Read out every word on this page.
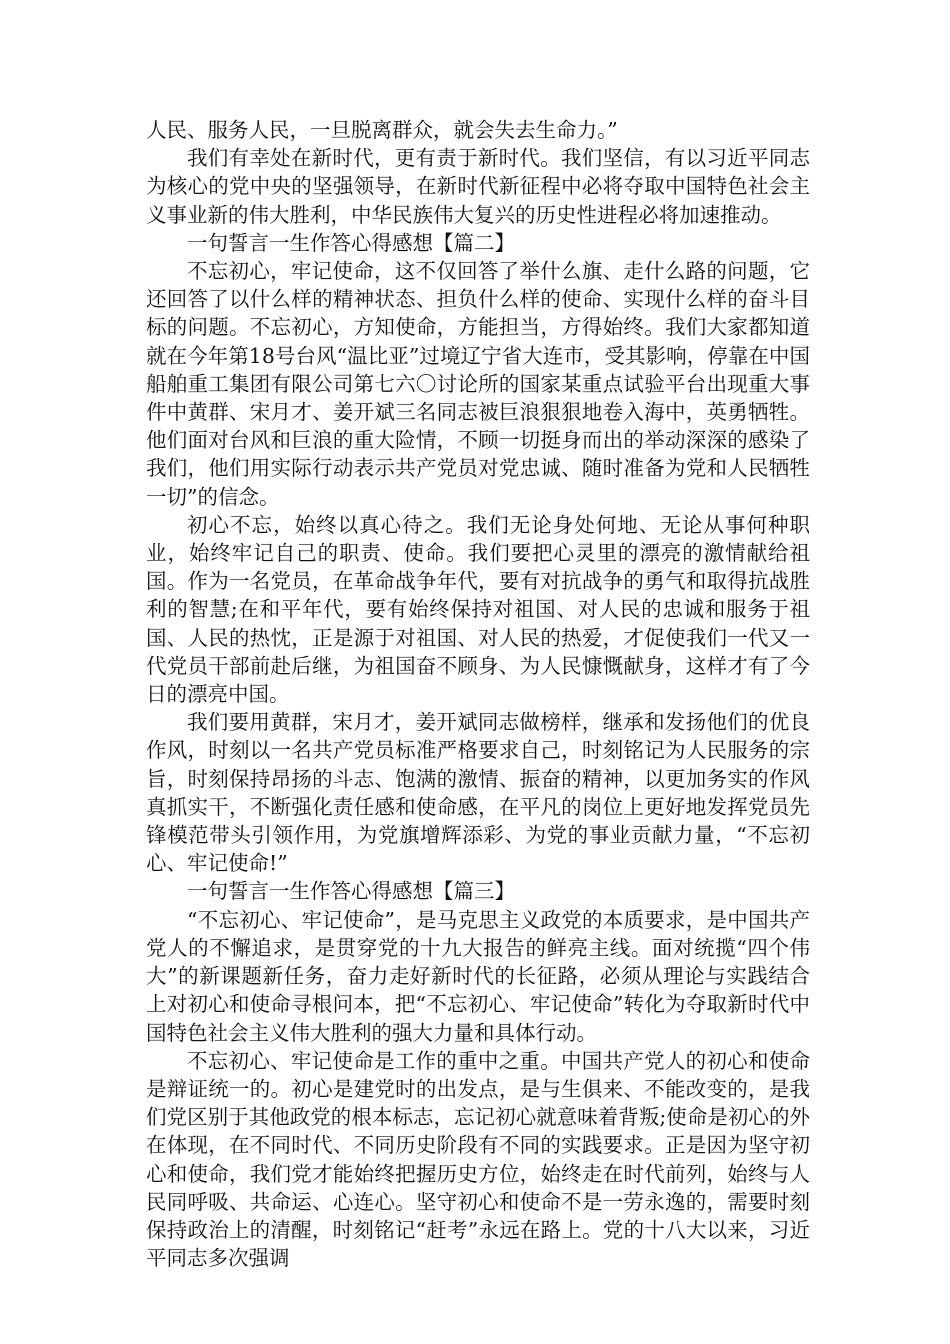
人民、服务人民，一旦脱离群众，就会失去生命力。”

我们有幸处在新时代，更有责于新时代。我们坚信，有以习近平同志为核心的党中央的坚强领导，在新时代新征程中必将夺取中国特色社会主义事业新的伟大胜利，中华民族伟大复兴的历史性进程必将加速推动。

一句誓言一生作答心得感想【篇二】

不忘初心，牢记使命，这不仅回答了举什么旗、走什么路的问题，它还回答了以什么样的精神状态、担负什么样的使命、实现什么样的奋斗目标的问题。不忘初心，方知使命，方能担当，方得始终。我们大家都知道就在今年第18号台风“温比亚”过境辽宁省大连市，受其影响，停靠在中国船舶重工集团有限公司第七六〇讨论所的国家某重点试验平台出现重大事件中黄群、宋月才、姜开斌三名同志被巨浪狠狠地卷入海中，英勇牺牲。他们面对台风和巨浪的重大险情，不顾一切挺身而出的举动深深的感染了我们，他们用实际行动表示共产党员对党忠诚、随时准备为党和人民牺牲一切”的信念。

初心不忘，始终以真心待之。我们无论身处何地、无论从事何种职业，始终牢记自己的职责、使命。我们要把心灵里的漂亮的激情献给祖国。作为一名党员，在革命战争年代，要有对抗战争的勇气和取得抗战胜利的智慧;在和平年代，要有始终保持对祖国、对人民的忠诚和服务于祖国、人民的热忱，正是源于对祖国、对人民的热爱，才促使我们一代又一代党员干部前赴后继，为祖国奋不顾身、为人民慷慨献身，这样才有了今日的漂亮中国。

我们要用黄群，宋月才，姜开斌同志做榜样，继承和发扬他们的优良作风，时刻以一名共产党员标准严格要求自己，时刻铭记为人民服务的宗旨，时刻保持昂扬的斗志、饱满的激情、振奋的精神，以更加务实的作风真抓实干，不断强化责任感和使命感，在平凡的岗位上更好地发挥党员先锋模范带头引领作用，为党旗增辉添彩、为党的事业贡献力量，“不忘初心、牢记使命!”

一句誓言一生作答心得感想【篇三】

“不忘初心、牢记使命”，是马克思主义政党的本质要求，是中国共产党人的不懈追求，是贯穿党的十九大报告的鲜亮主线。面对统揽“四个伟大”的新课题新任务，奋力走好新时代的长征路，必须从理论与实践结合上对初心和使命寻根问本，把“不忘初心、牢记使命”转化为夺取新时代中国特色社会主义伟大胜利的强大力量和具体行动。

不忘初心、牢记使命是工作的重中之重。中国共产党人的初心和使命是辩证统一的。初心是建党时的出发点，是与生俱来、不能改变的，是我们党区别于其他政党的根本标志，忘记初心就意味着背叛;使命是初心的外在体现，在不同时代、不同历史阶段有不同的实践要求。正是因为坚守初心和使命，我们党才能始终把握历史方位，始终走在时代前列，始终与人民同呼吸、共命运、心连心。坚守初心和使命不是一劳永逸的，需要时刻保持政治上的清醒，时刻铭记“赶考”永远在路上。党的十八大以来，习近平同志多次强调
